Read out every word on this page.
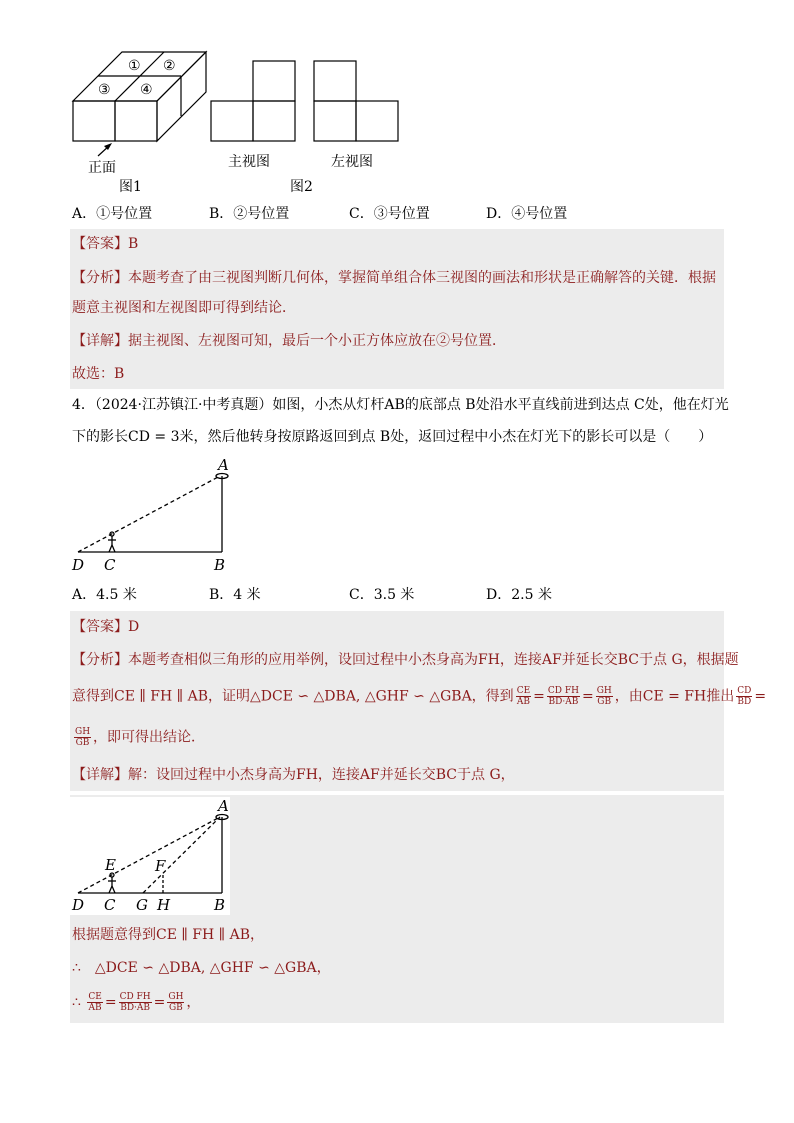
① ②
③ ④
正面
图1
主视图	左视图
图2
A．①号位置	B．②号位置	C．③号位置	D．④号位置
【答案】B
【分析】本题考查了由三视图判断几何体，掌握简单组合体三视图的画法和形状是正确解答的关键．根据
题意主视图和左视图即可得到结论．
【详解】据主视图、左视图可知，最后一个小正方体应放在②号位置．
故选：B
4．（2024·江苏镇江·中考真题）如图，小杰从灯杆AB的底部点 B处沿水平直线前进到达点 C处，他在灯光
下的影长CD = 3米，然后他转身按原路返回到点 B处，返回过程中小杰在灯光下的影长可以是（　　）
A
D C	B
A．4.5 米	B．4 米	C．3.5 米	D．2.5 米
【答案】D
【分析】本题考查相似三角形的应用举例，设回过程中小杰身高为FH，连接AF并延长交BC于点 G，根据题
意得到CE ∥ FH ∥ AB，证明△DCE ∽ △DBA, △GHF ∽ △GBA，得到 $\frac{CE}{AB} = \frac{\text{CD FH}}{BD\cdot AB} = \frac{GH}{GB}$ ，由CE = FH推出 $\frac{CD}{BD}$ =
$\frac{GH}{GB}$ ，即可得出结论．
【详解】解：设回过程中小杰身高为FH，连接AF并延长交BC于点 G，
A
E	F
D C G H	B
根据题意得到CE ∥ FH ∥ AB，
∴　△DCE ∽ △DBA, △GHF ∽ △GBA，
∴ $\frac{CE}{AB} = \frac{\text{CD FH}}{BD\cdot AB} = \frac{GH}{GB}$ ，
